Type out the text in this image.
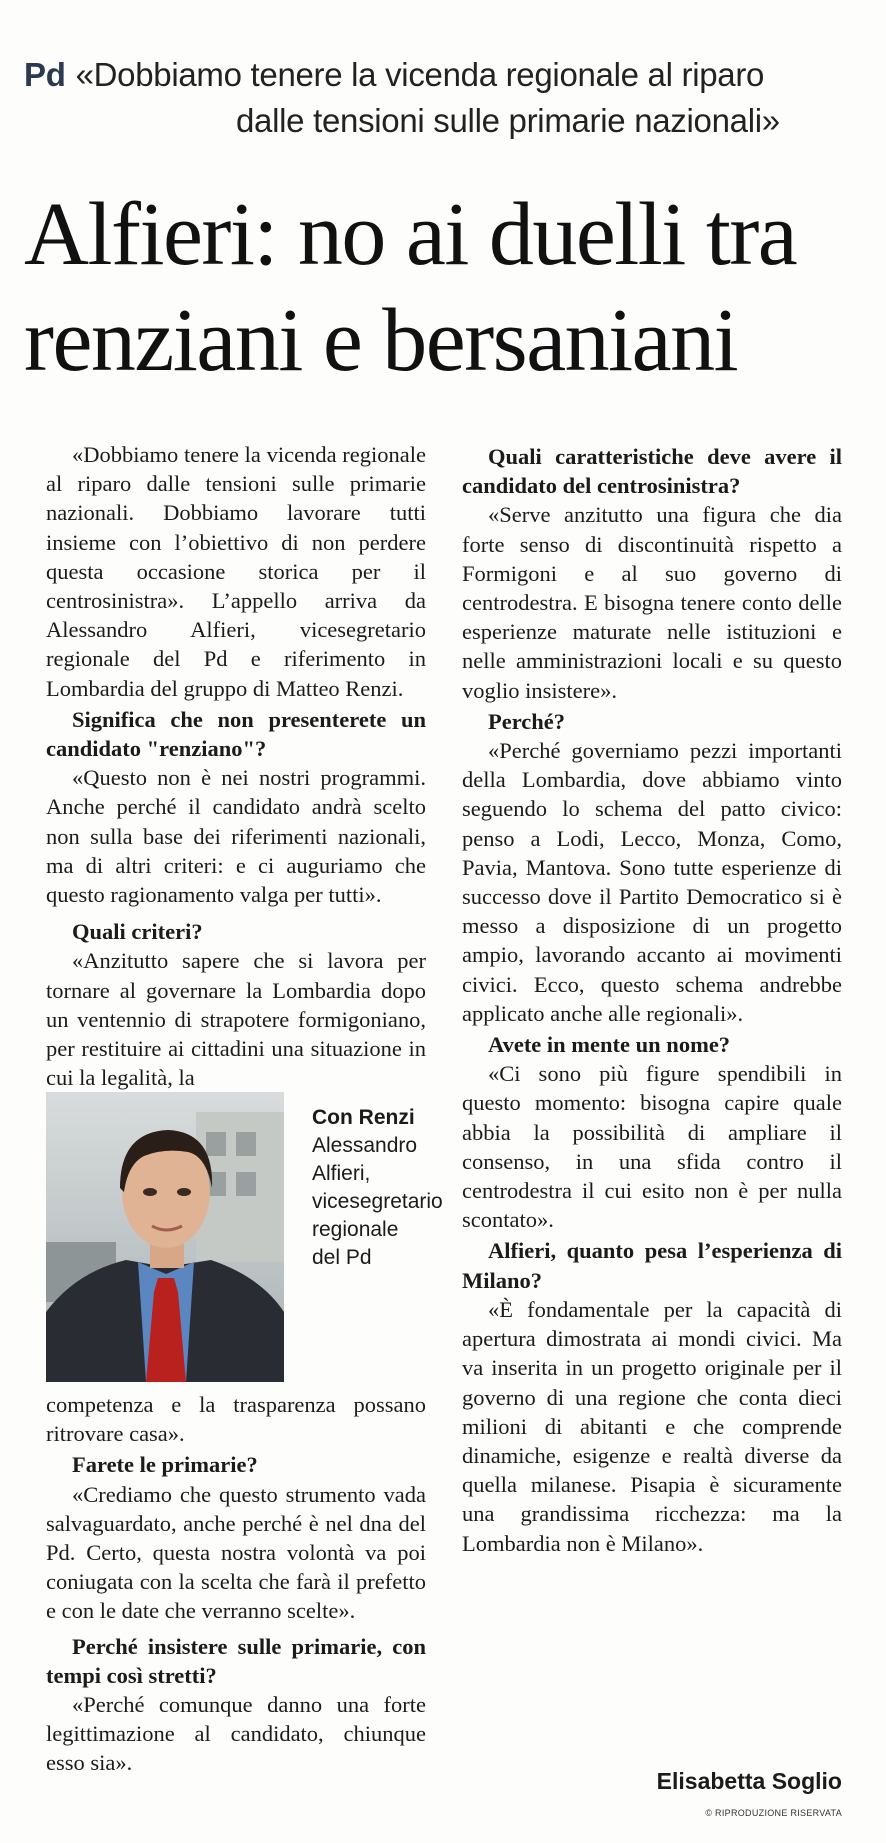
Pd «Dobbiamo tenere la vicenda regionale al riparo
dalle tensioni sulle primarie nazionali»
Alfieri: no ai duelli tra
renziani e bersaniani

«Dobbiamo tenere la vicenda regionale al riparo dalle tensioni sulle primarie nazionali. Dobbiamo lavorare tutti insieme con l’obiettivo di non perdere questa occasione storica per il centrosinistra». L’appello arriva da Alessandro Alfieri, vicesegretario regionale del Pd e riferimento in Lombardia del gruppo di Matteo Renzi.

Significa che non presenterete un candidato "renziano"?

«Questo non è nei nostri programmi. Anche perché il candidato andrà scelto non sulla base dei riferimenti nazionali, ma di altri criteri: e ci auguriamo che questo ragionamento valga per tutti».

Quali criteri?

«Anzitutto sapere che si lavora per tornare al governare la Lombardia dopo un ventennio di strapotere formigoniano, per restituire ai cittadini una situazione in cui la legalità, la

Con Renzi
Alessandro Alfieri, vicesegretario regionale del Pd

competenza e la trasparenza possano ritrovare casa».

Farete le primarie?

«Crediamo che questo strumento vada salvaguardato, anche perché è nel dna del Pd. Certo, questa nostra volontà va poi coniugata con la scelta che farà il prefetto e con le date che verranno scelte».

Perché insistere sulle primarie, con tempi così stretti?

«Perché comunque danno una forte legittimazione al candidato, chiunque esso sia».

Quali caratteristiche deve avere il candidato del centrosinistra?

«Serve anzitutto una figura che dia forte senso di discontinuità rispetto a Formigoni e al suo governo di centrodestra. E bisogna tenere conto delle esperienze maturate nelle istituzioni e nelle amministrazioni locali e su questo voglio insistere».

Perché?

«Perché governiamo pezzi importanti della Lombardia, dove abbiamo vinto seguendo lo schema del patto civico: penso a Lodi, Lecco, Monza, Como, Pavia, Mantova. Sono tutte esperienze di successo dove il Partito Democratico si è messo a disposizione di un progetto ampio, lavorando accanto ai movimenti civici. Ecco, questo schema andrebbe applicato anche alle regionali».

Avete in mente un nome?

«Ci sono più figure spendibili in questo momento: bisogna capire quale abbia la possibilità di ampliare il consenso, in una sfida contro il centrodestra il cui esito non è per nulla scontato».

Alfieri, quanto pesa l’esperienza di Milano?

«È fondamentale per la capacità di apertura dimostrata ai mondi civici. Ma va inserita in un progetto originale per il governo di una regione che conta dieci milioni di abitanti e che comprende dinamiche, esigenze e realtà diverse da quella milanese. Pisapia è sicuramente una grandissima ricchezza: ma la Lombardia non è Milano».

Elisabetta Soglio
© RIPRODUZIONE RISERVATA
